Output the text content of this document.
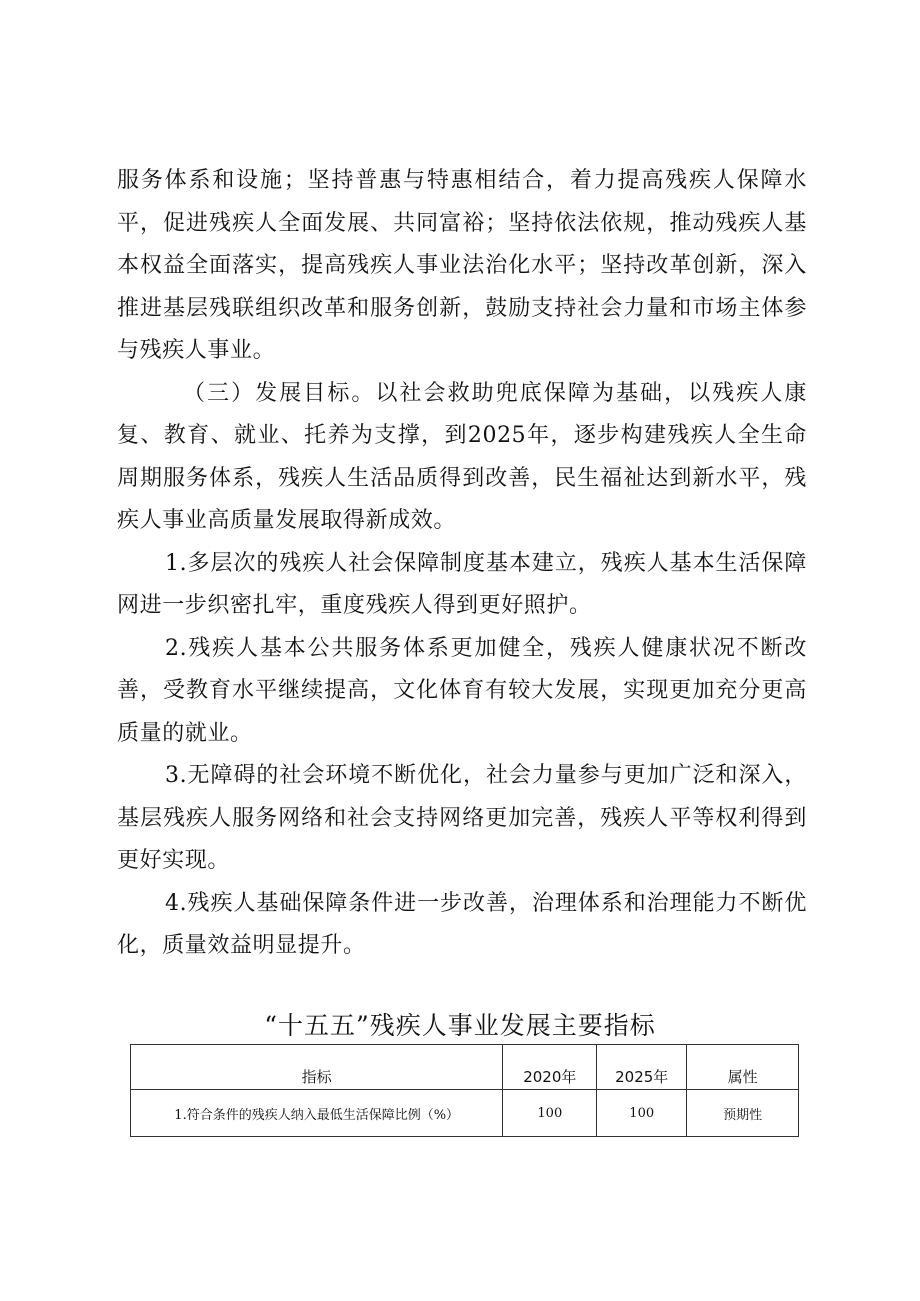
服务体系和设施；坚持普惠与特惠相结合，着力提高残疾人保障水平，促进残疾人全面发展、共同富裕；坚持依法依规，推动残疾人基本权益全面落实，提高残疾人事业法治化水平；坚持改革创新，深入推进基层残联组织改革和服务创新，鼓励支持社会力量和市场主体参与残疾人事业。

（三）发展目标。以社会救助兜底保障为基础，以残疾人康复、教育、就业、托养为支撑，到2025年，逐步构建残疾人全生命周期服务体系，残疾人生活品质得到改善，民生福祉达到新水平，残疾人事业高质量发展取得新成效。

1.多层次的残疾人社会保障制度基本建立，残疾人基本生活保障网进一步织密扎牢，重度残疾人得到更好照护。

2.残疾人基本公共服务体系更加健全，残疾人健康状况不断改善，受教育水平继续提高，文化体育有较大发展，实现更加充分更高质量的就业。

3.无障碍的社会环境不断优化，社会力量参与更加广泛和深入，基层残疾人服务网络和社会支持网络更加完善，残疾人平等权利得到更好实现。

4.残疾人基础保障条件进一步改善，治理体系和治理能力不断优化，质量效益明显提升。

“十五五”残疾人事业发展主要指标
指标	2020年	2025年	属性
1.符合条件的残疾人纳入最低生活保障比例（%）	100	100	预期性
